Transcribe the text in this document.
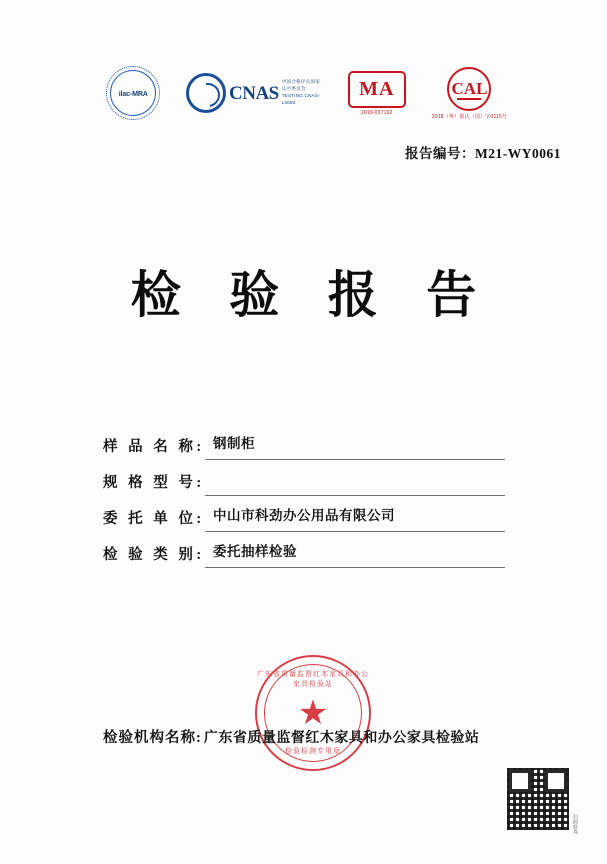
ilac-MRA	CNAS
中国合格评定国家认可委员会 TESTING CNAS-L3084
MA
2019-037192
CAL
2018（粤）量认（国）字0115号
报告编号：M21-WY0061
检 验 报 告
样 品 名 称: 钢制柜
规 格 型 号:
委 托 单 位: 中山市科劲办公用品有限公司
检 验 类 别: 委托抽样检验
广东省质量监督红木家具和办公家具检验站
★
检验检测专用章
检验机构名称: 广东省质量监督红木家具和办公家具检验站
扫码验真
